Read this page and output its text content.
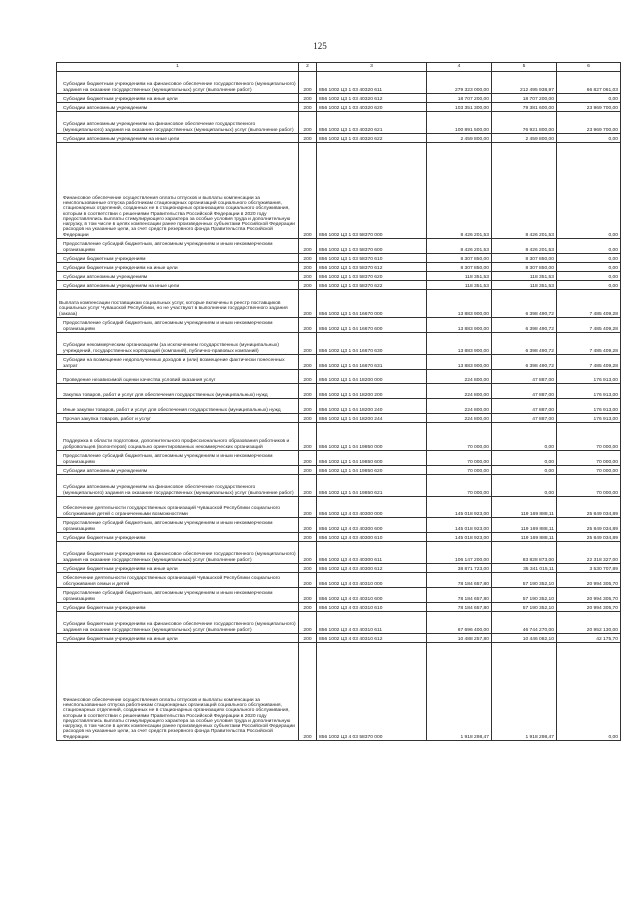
125
1	2	3	4	5	6
Субсидии бюджетным учреждениям на финансовое обеспечение государственного (муниципального) задания на оказание государственных (муниципальных) услуг (выполнение работ)	200	856 1002 Ц3 1 03 40320 611	279 323 000,00	212 495 938,97	66 827 061,03
Субсидии бюджетным учреждениям на иные цели	200	856 1002 Ц3 1 03 40320 612	18 707 200,00	18 707 200,00	0,00
Субсидии автономным учреждениям	200	856 1002 Ц3 1 03 40320 620	103 351 300,00	79 381 600,00	23 969 700,00
Субсидии автономным учреждениям на финансовое обеспечение государственного (муниципального) задания на оказание государственных (муниципальных) услуг (выполнение работ)	200	856 1002 Ц3 1 03 40320 621	100 891 500,00	76 921 800,00	23 969 700,00
Субсидии автономным учреждениям на иные цели	200	856 1002 Ц3 1 03 40320 622	2 459 800,00	2 459 800,00	0,00
Финансовое обеспечение осуществления оплаты отпусков и выплаты компенсации за неиспользованные отпуска работникам стационарных организаций социального обслуживания, стационарных отделений, созданных не в стационарных организациях социального обслуживания, которым в соответствии с решениями Правительства Российской Федерации в 2020 году предоставлялись выплаты стимулирующего характера за особые условия труда и дополнительную нагрузку, в том числе в целях компенсации ранее произведенных субъектами Российской Федерации расходов на указанные цели, за счет средств резервного фонда Правительства Российской Федерации	200	856 1002 Ц3 1 03 58370 000	8 426 201,53	8 426 201,53	0,00
Предоставление субсидий бюджетным, автономным учреждениям и иным некоммерческим организациям	200	856 1002 Ц3 1 03 58370 600	8 426 201,53	8 426 201,53	0,00
Субсидии бюджетным учреждениям	200	856 1002 Ц3 1 03 58370 610	8 307 850,00	8 307 850,00	0,00
Субсидии бюджетным учреждениям на иные цели	200	856 1002 Ц3 1 03 58370 612	8 307 850,00	8 307 850,00	0,00
Субсидии автономным учреждениям	200	856 1002 Ц3 1 03 58370 620	118 351,53	118 351,53	0,00
Субсидии автономным учреждениям на иные цели	200	856 1002 Ц3 1 03 58370 622	118 351,53	118 351,53	0,00
Выплата компенсации поставщикам социальных услуг, которые включены в реестр поставщиков социальных услуг Чувашской Республики, но не участвуют в выполнении государственного задания (заказа)	200	856 1002 Ц3 1 04 16670 000	13 883 900,00	6 398 490,72	7 485 409,28
Предоставление субсидий бюджетным, автономным учреждениям и иным некоммерческим организациям	200	856 1002 Ц3 1 04 16670 600	13 883 900,00	6 398 490,72	7 485 409,28
Субсидии некоммерческим организациям (за исключением государственных (муниципальных) учреждений, государственных корпораций (компаний), публично-правовых компаний)	200	856 1002 Ц3 1 04 16670 630	13 883 900,00	6 398 490,72	7 485 409,28
Субсидии на возмещение недополученных доходов и (или) возмещение фактически понесенных затрат	200	856 1002 Ц3 1 04 16670 631	13 883 900,00	6 398 490,72	7 485 409,28
Проведение независимой оценки качества условий оказания услуг	200	856 1002 Ц3 1 04 18200 000	224 800,00	47 887,00	176 913,00
Закупка товаров, работ и услуг для обеспечения государственных (муниципальных) нужд	200	856 1002 Ц3 1 04 18200 200	224 800,00	47 887,00	176 913,00
Иные закупки товаров, работ и услуг для обеспечения государственных (муниципальных) нужд	200	856 1002 Ц3 1 04 18200 240	224 800,00	47 887,00	176 913,00
Прочая закупка товаров, работ и услуг	200	856 1002 Ц3 1 04 18200 244	224 800,00	47 887,00	176 913,00
Поддержка в области подготовки, дополнительного профессионального образования работников и добровольцев (волонтеров) социально ориентированных некоммерческих организаций	200	856 1002 Ц3 1 04 19850 000	70 000,00	0,00	70 000,00
Предоставление субсидий бюджетным, автономным учреждениям и иным некоммерческим организациям	200	856 1002 Ц3 1 04 19850 600	70 000,00	0,00	70 000,00
Субсидии автономным учреждениям	200	856 1002 Ц3 1 04 19850 620	70 000,00	0,00	70 000,00
Субсидии автономным учреждениям на финансовое обеспечение государственного (муниципального) задания на оказание государственных (муниципальных) услуг (выполнение работ)	200	856 1002 Ц3 1 04 19850 621	70 000,00	0,00	70 000,00
Обеспечение деятельности государственных организаций Чувашской Республики социального обслуживания детей с ограниченными возможностями	200	856 1002 Ц3 4 03 40300 000	145 018 923,00	119 169 888,11	25 849 034,89
Предоставление субсидий бюджетным, автономным учреждениям и иным некоммерческим организациям	200	856 1002 Ц3 4 03 40300 600	145 018 923,00	119 169 888,11	25 849 034,89
Субсидии бюджетным учреждениям	200	856 1002 Ц3 4 03 40300 610	145 018 923,00	119 169 888,11	25 849 034,89
Субсидии бюджетным учреждениям на финансовое обеспечение государственного (муниципального) задания на оказание государственных (муниципальных) услуг (выполнение работ)	200	856 1002 Ц3 4 03 40300 611	106 147 200,00	83 828 873,00	22 318 327,00
Субсидии бюджетным учреждениям на иные цели	200	856 1002 Ц3 4 03 40300 612	38 871 723,00	35 341 015,11	3 530 707,89
Обеспечение деятельности государственных организаций Чувашской Республики социального обслуживания семьи и детей	200	856 1002 Ц3 4 03 40310 000	78 184 657,80	57 190 352,10	20 994 305,70
Предоставление субсидий бюджетным, автономным учреждениям и иным некоммерческим организациям	200	856 1002 Ц3 4 03 40310 600	78 184 657,80	57 190 352,10	20 994 305,70
Субсидии бюджетным учреждениям	200	856 1002 Ц3 4 03 40310 610	78 184 657,80	57 190 352,10	20 994 305,70
Субсидии бюджетным учреждениям на финансовое обеспечение государственного (муниципального) задания на оказание государственных (муниципальных) услуг (выполнение работ)	200	856 1002 Ц3 4 03 40310 611	67 696 400,00	46 744 270,00	20 952 130,00
Субсидии бюджетным учреждениям на иные цели	200	856 1002 Ц3 4 03 40310 612	10 488 257,80	10 446 082,10	42 175,70
Финансовое обеспечение осуществления оплаты отпусков и выплаты компенсации за неиспользованные отпуска работникам стационарных организаций социального обслуживания, стационарных отделений, созданных не в стационарных организациях социального обслуживания, которым в соответствии с решениями Правительства Российской Федерации в 2020 году предоставлялись выплаты стимулирующего характера за особые условия труда и дополнительную нагрузку, в том числе в целях компенсации ранее произведенных субъектами Российской Федерации расходов на указанные цели, за счет средств резервного фонда Правительства Российской Федерации	200	856 1002 Ц3 4 03 58370 000	1 918 298,47	1 918 298,47	0,00
